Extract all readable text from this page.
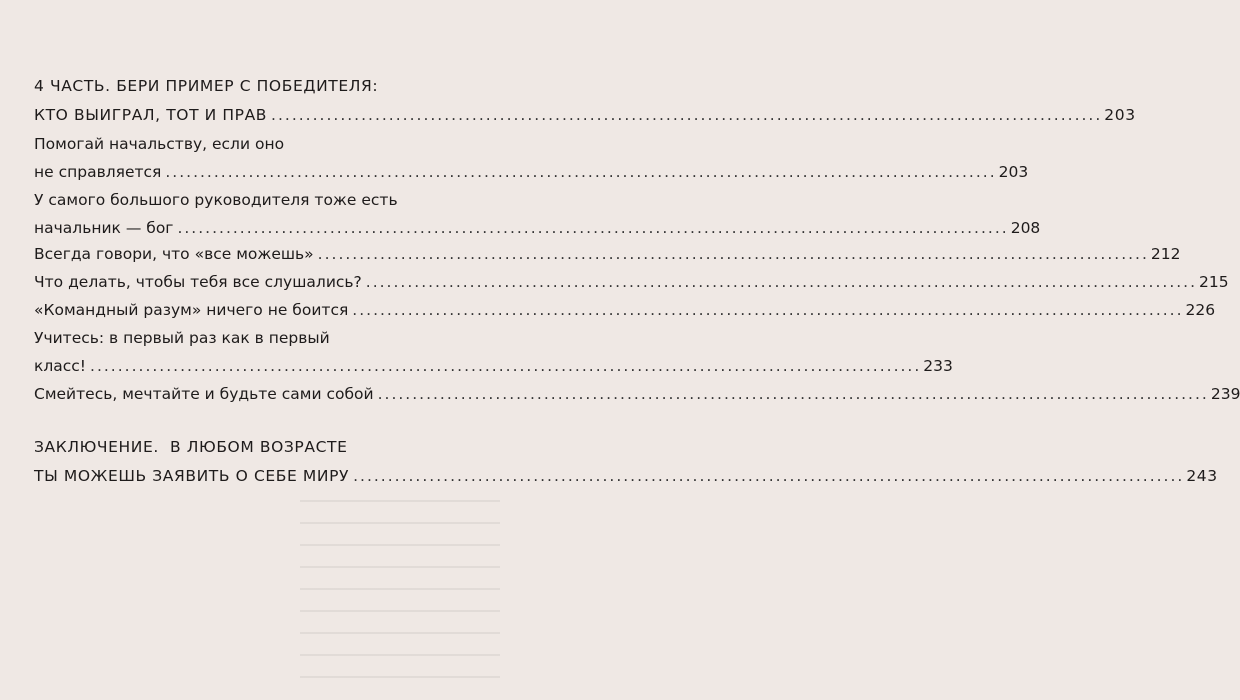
4 ЧАСТЬ. БЕРИ ПРИМЕР С ПОБЕДИТЕЛЯ:
КТО ВЫИГРАЛ, ТОТ И ПРАВ ........................................................................................................................ 203
Помогай начальству, если оно
не справляется ........................................................................................................................ 203
У самого большого руководителя тоже есть
начальник — бог ........................................................................................................................ 208
Всегда говори, что «все можешь» ........................................................................................................................ 212
Что делать, чтобы тебя все слушались? ........................................................................................................................ 215
«Командный разум» ничего не боится ........................................................................................................................ 226
Учитесь: в первый раз как в первый
класс! ........................................................................................................................ 233
Смейтесь, мечтайте и будьте сами собой ........................................................................................................................ 239
ЗАКЛЮЧЕНИЕ.  В ЛЮБОМ ВОЗРАСТЕ
ТЫ МОЖЕШЬ ЗАЯВИТЬ О СЕБЕ МИРУ ........................................................................................................................ 243
